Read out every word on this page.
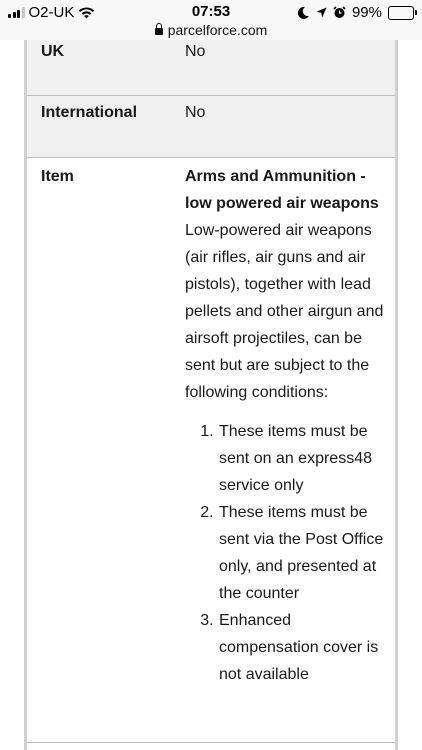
O2-UK	07:53
parcelforce.com
99%
UK	No
International	No
Item	Arms and Ammunition - low powered air weapons
Low-powered air weapons (air rifles, air guns and air pistols), together with lead pellets and other airgun and airsoft projectiles, can be sent but are subject to the following conditions:
1. These items must be sent on an express48 service only
2. These items must be sent via the Post Office only, and presented at the counter
3. Enhanced compensation cover is not available
